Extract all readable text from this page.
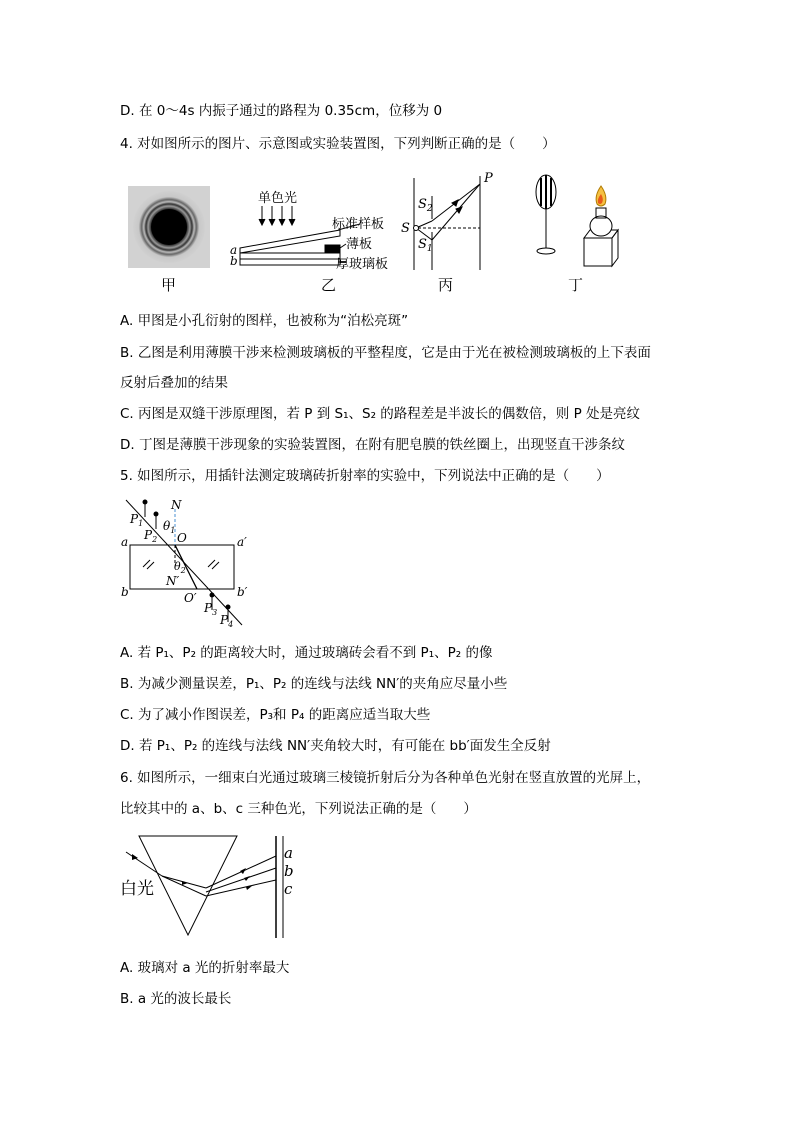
D. 在 0～4s 内振子通过的路程为 0.35cm，位移为 0
4. 对如图所示的图片、示意图或实验装置图，下列判断正确的是（　　）
甲
单色光
标准样板
薄板
厚玻璃板
a
b
乙
P
S
$S_2$
$S_1$
丙	丁
A. 甲图是小孔衍射的图样，也被称为“泊松亮斑”
B. 乙图是利用薄膜干涉来检测玻璃板的平整程度，它是由于光在被检测玻璃板的上下表面
反射后叠加的结果
C. 丙图是双缝干涉原理图，若 P 到 S₁、S₂ 的路程差是半波长的偶数倍，则 P 处是亮纹
D. 丁图是薄膜干涉现象的实验装置图，在附有肥皂膜的铁丝圈上，出现竖直干涉条纹
5. 如图所示，用插针法测定玻璃砖折射率的实验中，下列说法中正确的是（　　）
N
$P_1$ $\theta_1$
$P_2$ O
a	a′
$\theta_2$
N′
b	b′
O′
$P_3$
$P_4$
A. 若 P₁、P₂ 的距离较大时，通过玻璃砖会看不到 P₁、P₂ 的像
B. 为减少测量误差，P₁、P₂ 的连线与法线 NN′的夹角应尽量小些
C. 为了减小作图误差，P₃和 P₄ 的距离应适当取大些
D. 若 P₁、P₂ 的连线与法线 NN′夹角较大时，有可能在 bb′面发生全反射
6. 如图所示，一细束白光通过玻璃三棱镜折射后分为各种单色光射在竖直放置的光屏上，
比较其中的 a、b、c 三种色光，下列说法正确的是（　　）
白光
a
b
c
A. 玻璃对 a 光的折射率最大
B. a 光的波长最长
